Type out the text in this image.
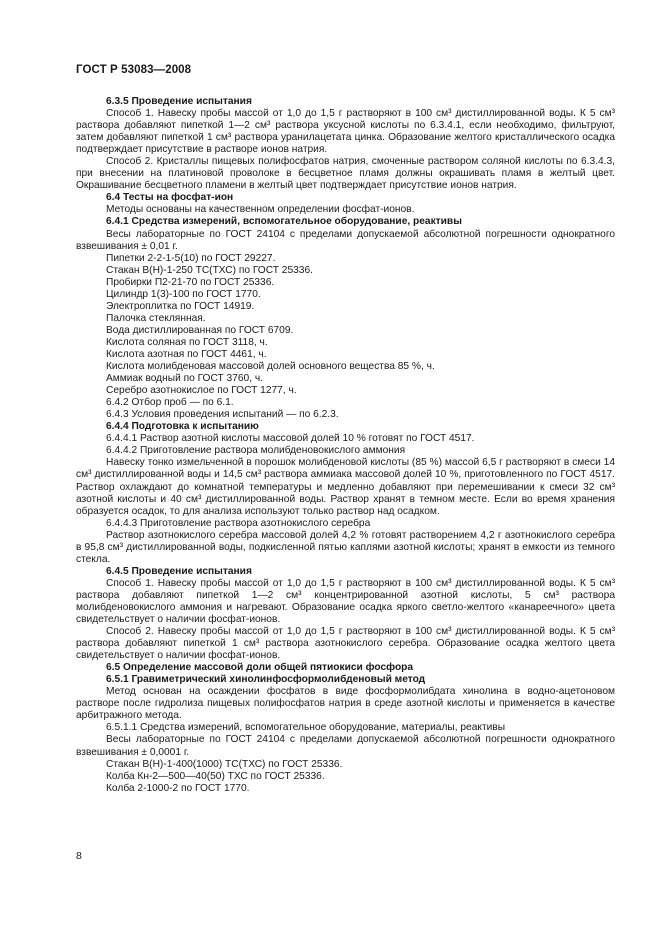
ГОСТ Р 53083—2008
6.3.5 Проведение испытания
Способ 1. Навеску пробы массой от 1,0 до 1,5 г растворяют в 100 см³ дистиллированной воды. К 5 см³ раствора добавляют пипеткой 1—2 см³ раствора уксусной кислоты по 6.3.4.1, если необходимо, фильтруют, затем добавляют пипеткой 1 см³ раствора уранилацетата цинка. Образование желтого кристаллического осадка подтверждает присутствие в растворе ионов натрия.
Способ 2. Кристаллы пищевых полифосфатов натрия, смоченные раствором соляной кислоты по 6.3.4.3, при внесении на платиновой проволоке в бесцветное пламя должны окрашивать пламя в желтый цвет. Окрашивание бесцветного пламени в желтый цвет подтверждает присутствие ионов натрия.
6.4 Тесты на фосфат-ион
Методы основаны на качественном определении фосфат-ионов.
6.4.1 Средства измерений, вспомогательное оборудование, реактивы
Весы лабораторные по ГОСТ 24104 с пределами допускаемой абсолютной погрешности однократного взвешивания ± 0,01 г.
Пипетки 2-2-1-5(10) по ГОСТ 29227.
Стакан В(Н)-1-250 ТС(ТХС) по ГОСТ 25336.
Пробирки П2-21-70 по ГОСТ 25336.
Цилиндр 1(3)-100 по ГОСТ 1770.
Электроплитка по ГОСТ 14919.
Палочка стеклянная.
Вода дистиллированная по ГОСТ 6709.
Кислота соляная по ГОСТ 3118, ч.
Кислота азотная по ГОСТ 4461, ч.
Кислота молибденовая массовой долей основного вещества 85 %, ч.
Аммиак водный по ГОСТ 3760, ч.
Серебро азотнокислое по ГОСТ 1277, ч.
6.4.2 Отбор проб — по 6.1.
6.4.3 Условия проведения испытаний — по 6.2.3.
6.4.4 Подготовка к испытанию
6.4.4.1 Раствор азотной кислоты массовой долей 10 % готовят по ГОСТ 4517.
6.4.4.2 Приготовление раствора молибденовокислого аммония
Навеску тонко измельченной в порошок молибденовой кислоты (85 %) массой 6,5 г растворяют в смеси 14 см³ дистиллированной воды и 14,5 см³ раствора аммиака массовой долей 10 %, приготовленного по ГОСТ 4517. Раствор охлаждают до комнатной температуры и медленно добавляют при перемешивании к смеси 32 см³ азотной кислоты и 40 см³ дистиллированной воды. Раствор хранят в темном месте. Если во время хранения образуется осадок, то для анализа используют только раствор над осадком.
6.4.4.3 Приготовление раствора азотнокислого серебра
Раствор азотнокислого серебра массовой долей 4,2 % готовят растворением 4,2 г азотнокислого серебра в 95,8 см³ дистиллированной воды, подкисленной пятью каплями азотной кислоты; хранят в емкости из темного стекла.
6.4.5 Проведение испытания
Способ 1. Навеску пробы массой от 1,0 до 1,5 г растворяют в 100 см³ дистиллированной воды. К 5 см³ раствора добавляют пипеткой 1—2 см³ концентрированной азотной кислоты, 5 см³ раствора молибденовокислого аммония и нагревают. Образование осадка яркого светло-желтого «канареечного» цвета свидетельствует о наличии фосфат-ионов.
Способ 2. Навеску пробы массой от 1,0 до 1,5 г растворяют в 100 см³ дистиллированной воды. К 5 см³ раствора добавляют пипеткой 1 см³ раствора азотнокислого серебра. Образование осадка желтого цвета свидетельствует о наличии фосфат-ионов.
6.5 Определение массовой доли общей пятиокиси фосфора
6.5.1 Гравиметрический хинолинфосформолибденовый метод
Метод основан на осаждении фосфатов в виде фосформолибдата хинолина в водно-ацетоновом растворе после гидролиза пищевых полифосфатов натрия в среде азотной кислоты и применяется в качестве арбитражного метода.
6.5.1.1 Средства измерений, вспомогательное оборудование, материалы, реактивы
Весы лабораторные по ГОСТ 24104 с пределами допускаемой абсолютной погрешности однократного взвешивания ± 0,0001 г.
Стакан В(Н)-1-400(1000) ТС(ТХС) по ГОСТ 25336.
Колба Кн-2—500—40(50) ТХС по ГОСТ 25336.
Колба 2-1000-2 по ГОСТ 1770.
8
